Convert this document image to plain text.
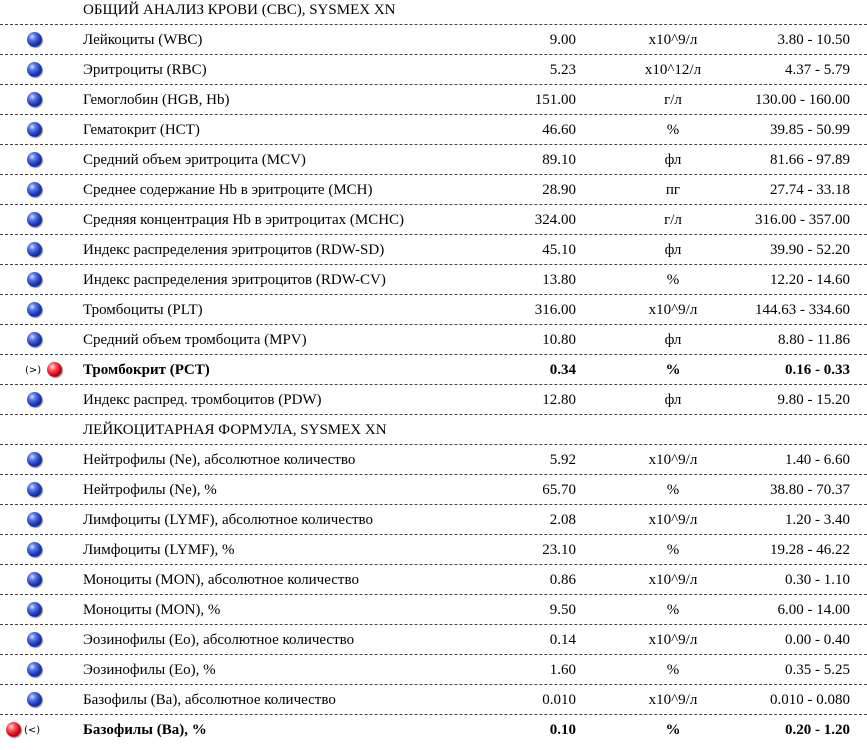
ОБЩИЙ АНАЛИЗ КРОВИ (CBC), SYSMEX XN
Лейкоциты (WBC)	9.00	x10^9/л	3.80 - 10.50
Эритроциты (RBC)	5.23	x10^12/л	4.37 - 5.79
Гемоглобин (HGB, Hb)	151.00	г/л	130.00 - 160.00
Гематокрит (HCT)	46.60	%	39.85 - 50.99
Средний объем эритроцита (MCV)	89.10	фл	81.66 - 97.89
Среднее содержание Hb в эритроците (MCH)	28.90	пг	27.74 - 33.18
Средняя концентрация Hb в эритроцитах (MCHC)	324.00	г/л	316.00 - 357.00
Индекс распределения эритроцитов (RDW-SD)	45.10	фл	39.90 - 52.20
Индекс распределения эритроцитов (RDW-CV)	13.80	%	12.20 - 14.60
Тромбоциты (PLT)	316.00	x10^9/л	144.63 - 334.60
Средний объем тромбоцита (MPV)	10.80	фл	8.80 - 11.86
(>)	Тромбокрит (PCT)	0.34	%	0.16 - 0.33
Индекс распред. тромбоцитов (PDW)	12.80	фл	9.80 - 15.20
ЛЕЙКОЦИТАРНАЯ ФОРМУЛА, SYSMEX XN
Нейтрофилы (Ne), абсолютное количество	5.92	x10^9/л	1.40 - 6.60
Нейтрофилы (Ne), %	65.70	%	38.80 - 70.37
Лимфоциты (LYMF), абсолютное количество	2.08	x10^9/л	1.20 - 3.40
Лимфоциты (LYMF), %	23.10	%	19.28 - 46.22
Моноциты (MON), абсолютное количество	0.86	x10^9/л	0.30 - 1.10
Моноциты (MON), %	9.50	%	6.00 - 14.00
Эозинофилы (Eo), абсолютное количество	0.14	x10^9/л	0.00 - 0.40
Эозинофилы (Eo), %	1.60	%	0.35 - 5.25
Базофилы (Ba), абсолютное количество	0.010	x10^9/л	0.010 - 0.080
(<)	Базофилы (Ba), %	0.10	%	0.20 - 1.20
